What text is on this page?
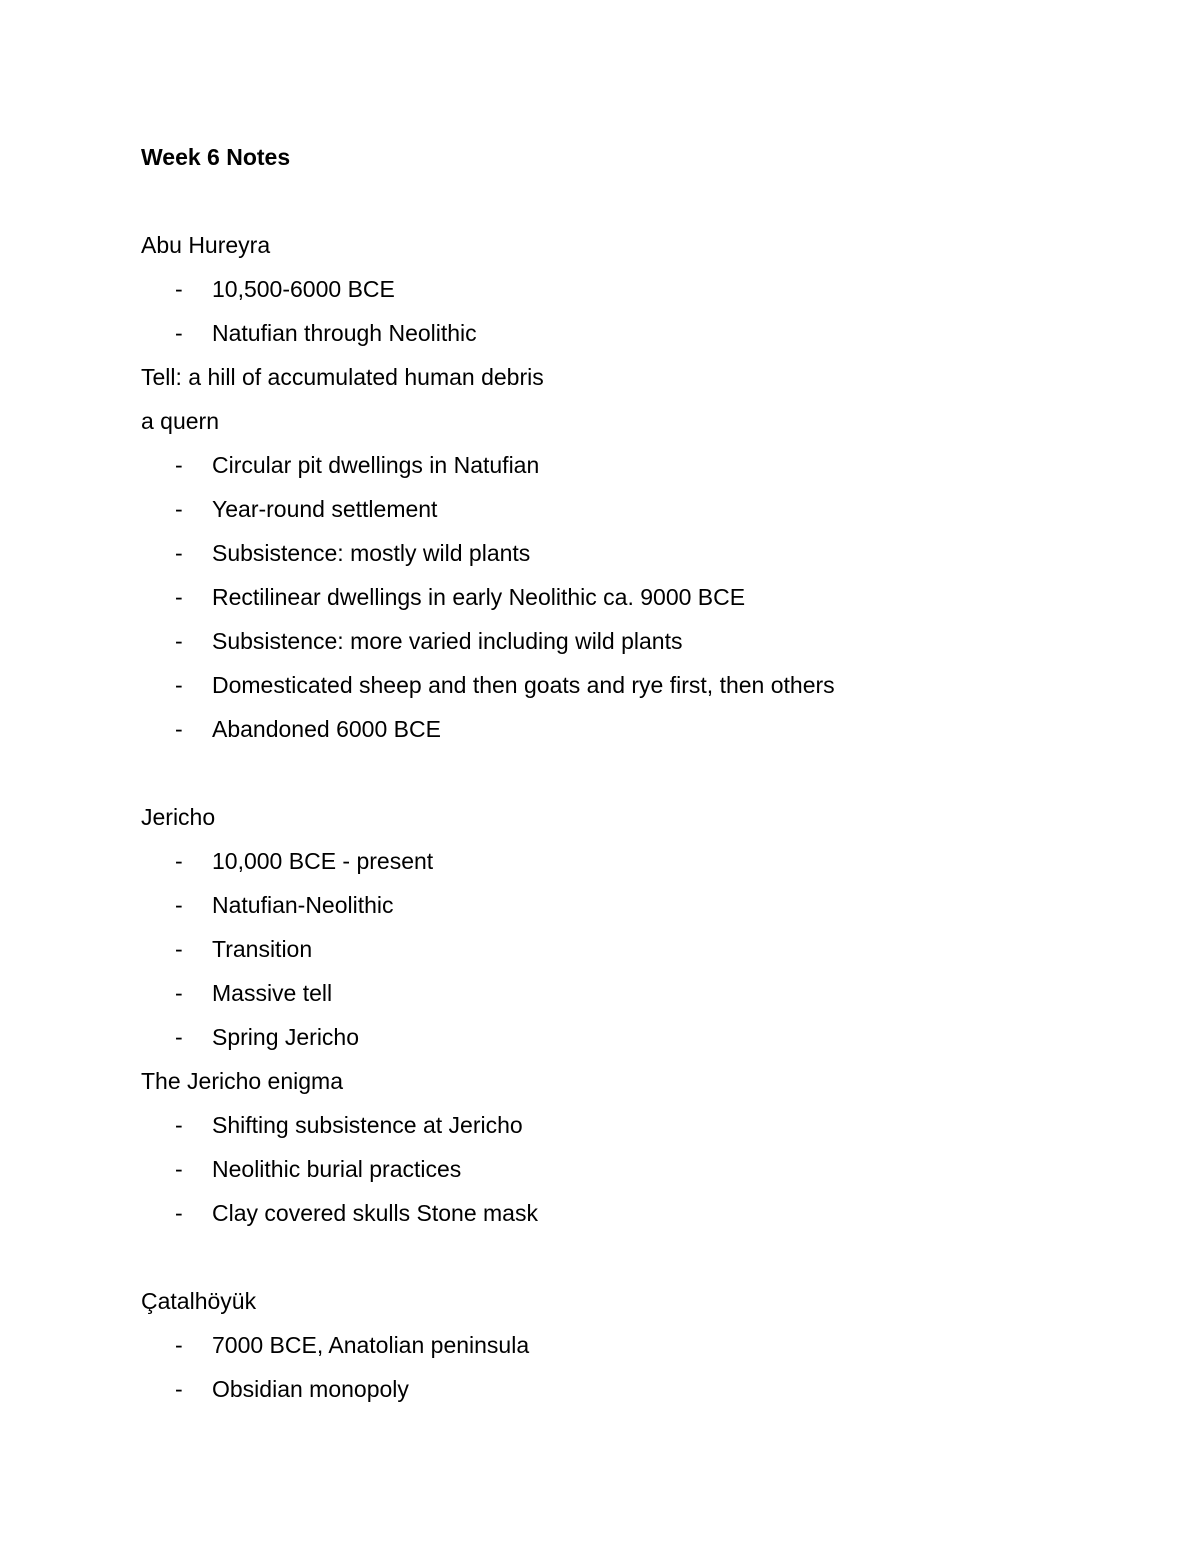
Week 6 Notes
Abu Hureyra
- 10,500-6000 BCE
- Natufian through Neolithic
Tell: a hill of accumulated human debris
a quern
- Circular pit dwellings in Natufian
- Year-round settlement
- Subsistence: mostly wild plants
- Rectilinear dwellings in early Neolithic ca. 9000 BCE
- Subsistence: more varied including wild plants
- Domesticated sheep and then goats and rye first, then others
- Abandoned 6000 BCE
Jericho
- 10,000 BCE - present
- Natufian-Neolithic
- Transition
- Massive tell
- Spring Jericho
The Jericho enigma
- Shifting subsistence at Jericho
- Neolithic burial practices
- Clay covered skulls Stone mask
Çatalhöyük
- 7000 BCE, Anatolian peninsula
- Obsidian monopoly
